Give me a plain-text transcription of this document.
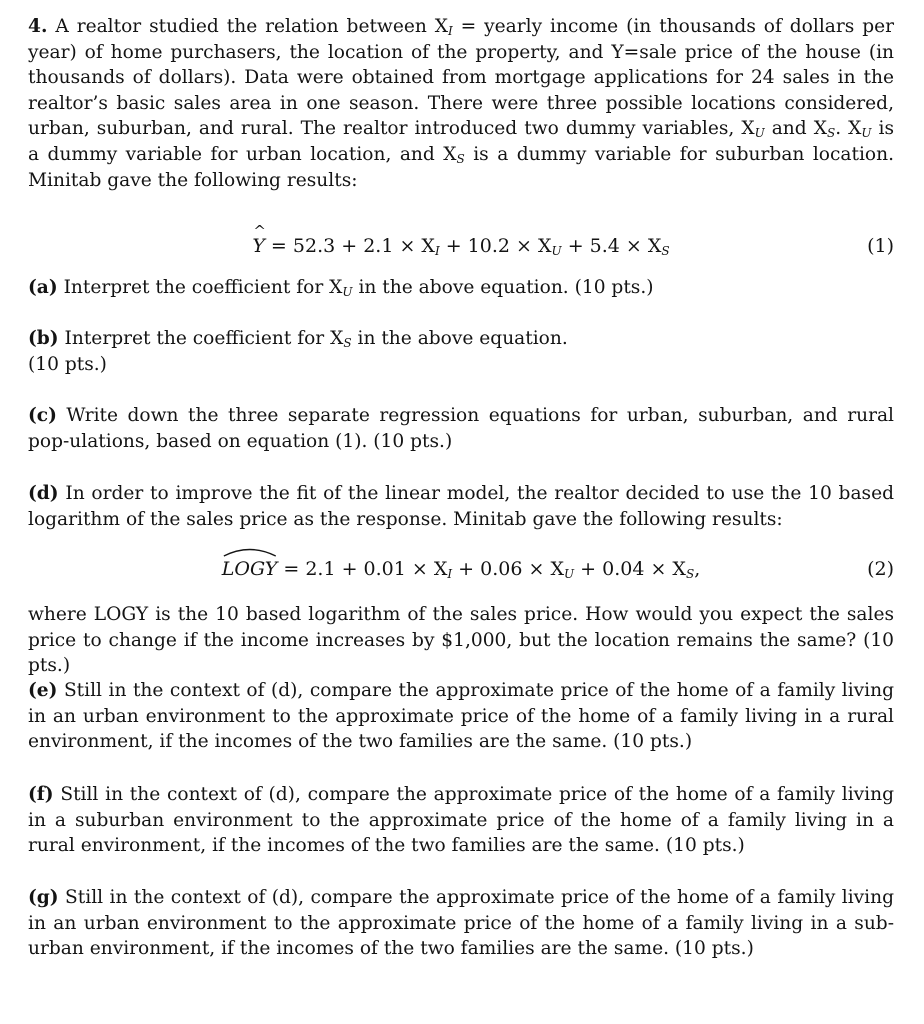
4. A realtor studied the relation between $X_I$ = yearly income (in thousands of dollars per year) of home purchasers, the location of the property, and Y=sale price of the house (in thousands of dollars). Data were obtained from mortgage applications for 24 sales in the realtor’s basic sales area in one season. There were three possible locations considered, urban, suburban, and rural. The realtor introduced two dummy variables, $X_U$ and $X_S$. $X_U$ is a dummy variable for urban location, and $X_S$ is a dummy variable for suburban location. Minitab gave the following results:
^ $Y = 52.3 + 2.1 \times X_I + 10.2 \times X_U + 5.4 \times X_S$	(1)
(a) Interpret the coefficient for $X_U$ in the above equation. (10 pts.)
(b) Interpret the coefficient for $X_S$ in the above equation.
(10 pts.)
(c) Write down the three separate regression equations for urban, suburban, and rural pop-ulations, based on equation (1). (10 pts.)
(d) In order to improve the fit of the linear model, the realtor decided to use the 10 based logarithm of the sales price as the response. Minitab gave the following results:
LOGY = $2.1 + 0.01 \times X_I + 0.06 \times X_U + 0.04 \times X_S$,	(2)
where LOGY is the 10 based logarithm of the sales price. How would you expect the sales price to change if the income increases by $1,000, but the location remains the same? (10 pts.)
(e) Still in the context of (d), compare the approximate price of the home of a family living in an urban environment to the approximate price of the home of a family living in a rural environment, if the incomes of the two families are the same. (10 pts.)
(f) Still in the context of (d), compare the approximate price of the home of a family living in a suburban environment to the approximate price of the home of a family living in a rural environment, if the incomes of the two families are the same. (10 pts.)
(g) Still in the context of (d), compare the approximate price of the home of a family living in an urban environment to the approximate price of the home of a family living in a sub-urban environment, if the incomes of the two families are the same. (10 pts.)
